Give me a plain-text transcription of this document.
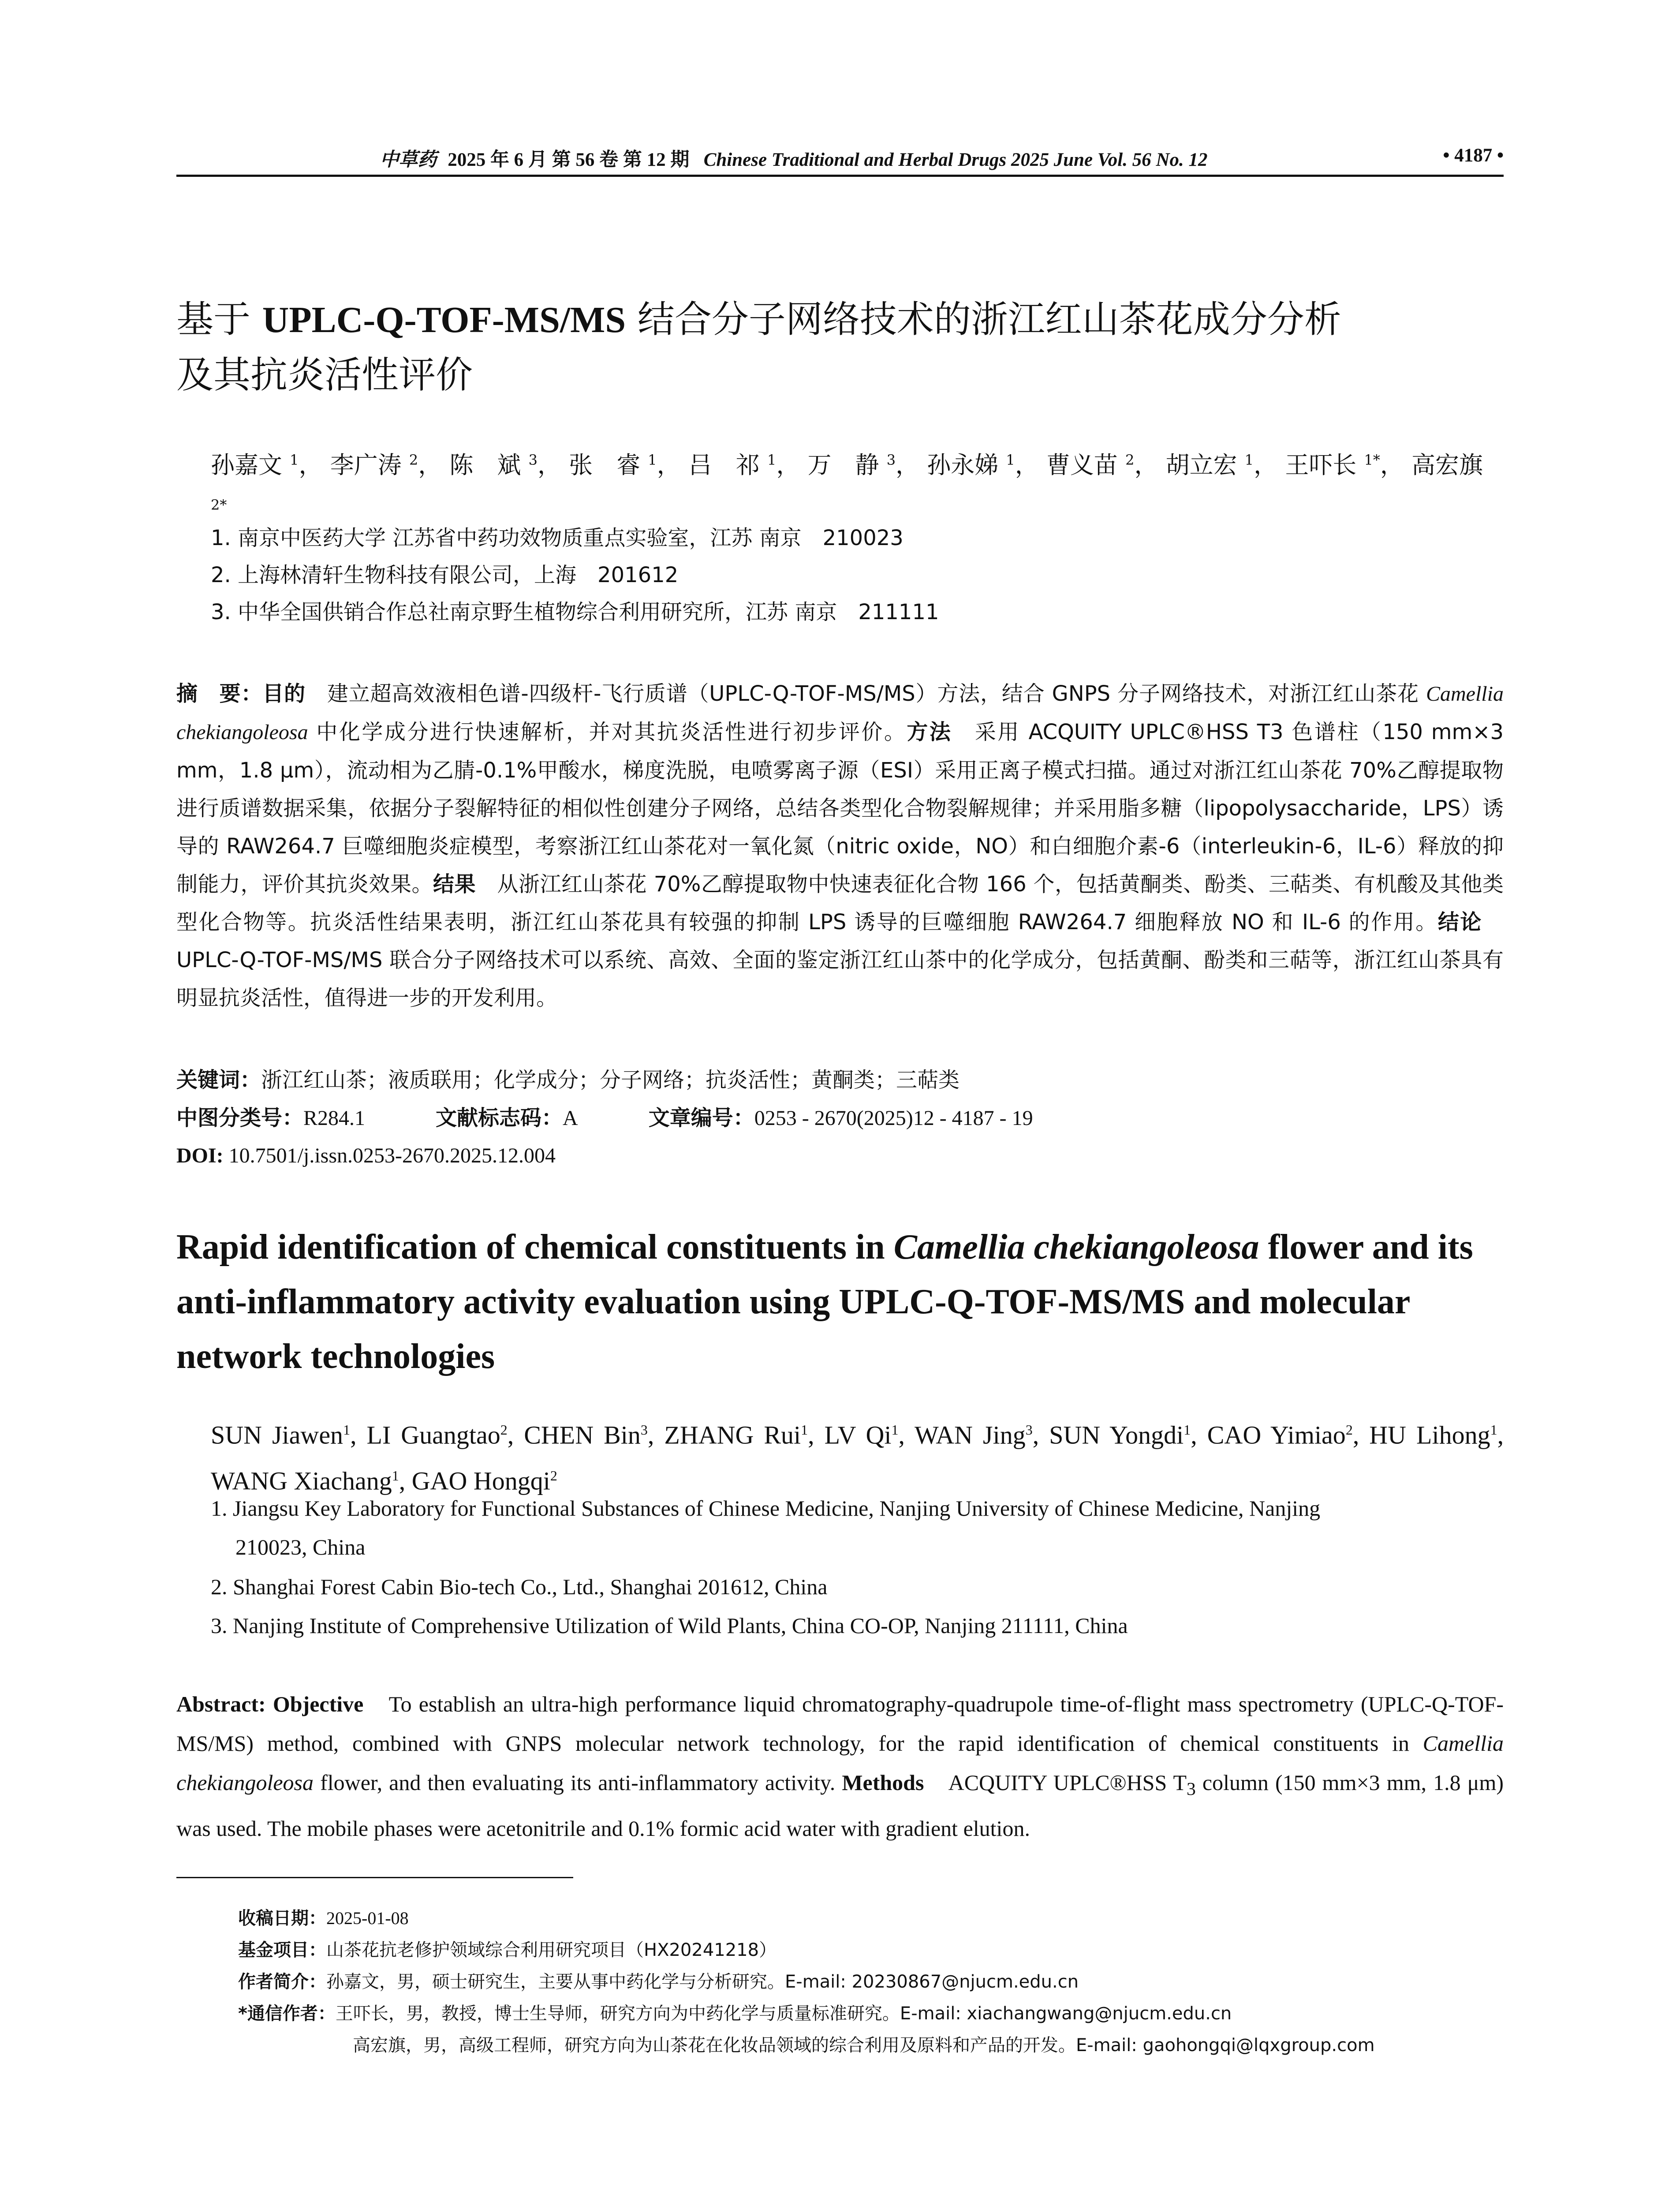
中草药 2025 年 6 月 第 56 卷 第 12 期 Chinese Traditional and Herbal Drugs 2025 June Vol. 56 No. 12	• 4187 •
基于 UPLC-Q-TOF-MS/MS 结合分子网络技术的浙江红山茶花成分分析
及其抗炎活性评价
孙嘉文 $^1$， 李广涛 $^2$， 陈　斌 $^3$， 张　睿 $^1$， 吕　祁 $^1$， 万　静 $^3$， 孙永娣 $^1$， 曹义苗 $^2$， 胡立宏 $^1$， 王吓长 $^{1*}$， 高宏旗 $^{2*}$
1. 南京中医药大学 江苏省中药功效物质重点实验室，江苏 南京　210023
2. 上海林清轩生物科技有限公司，上海　201612
3. 中华全国供销合作总社南京野生植物综合利用研究所，江苏 南京　211111
摘　要：目的　建立超高效液相色谱-四级杆-飞行质谱（UPLC-Q-TOF-MS/MS）方法，结合 GNPS 分子网络技术，对浙江红山茶花 Camellia chekiangoleosa 中化学成分进行快速解析，并对其抗炎活性进行初步评价。方法　采用 ACQUITY UPLC®HSS T3 色谱柱（150 mm×3 mm，1.8 μm），流动相为乙腈-0.1%甲酸水，梯度洗脱，电喷雾离子源（ESI）采用正离子模式扫描。通过对浙江红山茶花 70%乙醇提取物进行质谱数据采集，依据分子裂解特征的相似性创建分子网络，总结各类型化合物裂解规律；并采用脂多糖（lipopolysaccharide，LPS）诱导的 RAW264.7 巨噬细胞炎症模型，考察浙江红山茶花对一氧化氮（nitric oxide，NO）和白细胞介素-6（interleukin-6，IL-6）释放的抑制能力，评价其抗炎效果。结果　从浙江红山茶花 70%乙醇提取物中快速表征化合物 166 个，包括黄酮类、酚类、三萜类、有机酸及其他类型化合物等。抗炎活性结果表明，浙江红山茶花具有较强的抑制 LPS 诱导的巨噬细胞 RAW264.7 细胞释放 NO 和 IL-6 的作用。结论　UPLC-Q-TOF-MS/MS 联合分子网络技术可以系统、高效、全面的鉴定浙江红山茶中的化学成分，包括黄酮、酚类和三萜等，浙江红山茶具有明显抗炎活性，值得进一步的开发利用。
关键词：浙江红山茶；液质联用；化学成分；分子网络；抗炎活性；黄酮类；三萜类
中图分类号：R284.1	文献标志码：A	文章编号：0253 - 2670(2025)12 - 4187 - 19
DOI: 10.7501/j.issn.0253-2670.2025.12.004
Rapid identification of chemical constituents in Camellia chekiangoleosa flower and its anti-inflammatory activity evaluation using UPLC-Q-TOF-MS/MS and molecular network technologies
SUN Jiawen$^1$, LI Guangtao$^2$, CHEN Bin$^3$, ZHANG Rui$^1$, LV Qi$^1$, WAN Jing$^3$, SUN Yongdi$^1$, CAO Yimiao$^2$, HU Lihong$^1$, WANG Xiachang$^1$, GAO Hongqi$^2$
1. Jiangsu Key Laboratory for Functional Substances of Chinese Medicine, Nanjing University of Chinese Medicine, Nanjing
210023, China
2. Shanghai Forest Cabin Bio-tech Co., Ltd., Shanghai 201612, China
3. Nanjing Institute of Comprehensive Utilization of Wild Plants, China CO-OP, Nanjing 211111, China
Abstract: Objective　To establish an ultra-high performance liquid chromatography-quadrupole time-of-flight mass spectrometry (UPLC-Q-TOF-MS/MS) method, combined with GNPS molecular network technology, for the rapid identification of chemical constituents in Camellia chekiangoleosa flower, and then evaluating its anti-inflammatory activity. Methods　ACQUITY UPLC®HSS $T_3$ column (150 mm×3 mm, 1.8 μm) was used. The mobile phases were acetonitrile and 0.1% formic acid water with gradient elution.
收稿日期：2025-01-08
基金项目：山茶花抗老修护领域综合利用研究项目（HX20241218）
作者简介：孙嘉文，男，硕士研究生，主要从事中药化学与分析研究。E-mail: 20230867@njucm.edu.cn
*通信作者：王吓长，男，教授，博士生导师，研究方向为中药化学与质量标准研究。E-mail: xiachangwang@njucm.edu.cn
高宏旗，男，高级工程师，研究方向为山茶花在化妆品领域的综合利用及原料和产品的开发。E-mail: gaohongqi@lqxgroup.com
